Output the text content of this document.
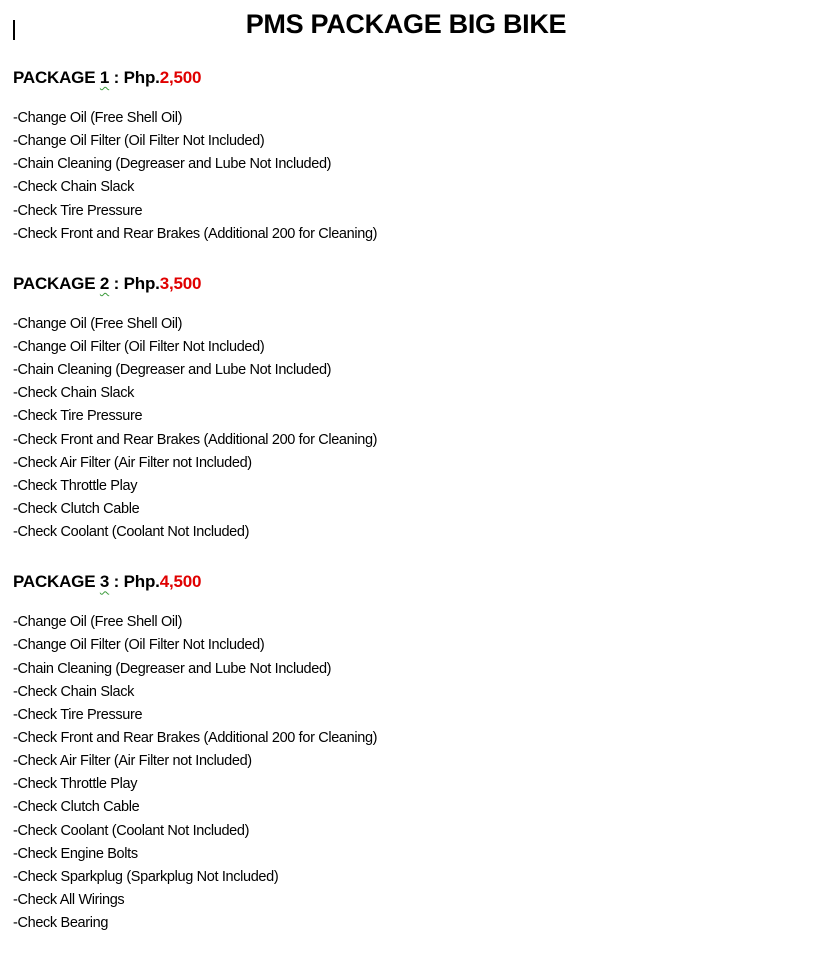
PMS PACKAGE BIG BIKE
PACKAGE 1 : Php.2,500
-Change Oil (Free Shell Oil)
-Change Oil Filter (Oil Filter Not Included)
-Chain Cleaning (Degreaser and Lube Not Included)
-Check Chain Slack
-Check Tire Pressure
-Check Front and Rear Brakes (Additional 200 for Cleaning)
PACKAGE 2 : Php.3,500
-Change Oil (Free Shell Oil)
-Change Oil Filter (Oil Filter Not Included)
-Chain Cleaning (Degreaser and Lube Not Included)
-Check Chain Slack
-Check Tire Pressure
-Check Front and Rear Brakes (Additional 200 for Cleaning)
-Check Air Filter (Air Filter not Included)
-Check Throttle Play
-Check Clutch Cable
-Check Coolant (Coolant Not Included)
PACKAGE 3 : Php.4,500
-Change Oil (Free Shell Oil)
-Change Oil Filter (Oil Filter Not Included)
-Chain Cleaning (Degreaser and Lube Not Included)
-Check Chain Slack
-Check Tire Pressure
-Check Front and Rear Brakes (Additional 200 for Cleaning)
-Check Air Filter (Air Filter not Included)
-Check Throttle Play
-Check Clutch Cable
-Check Coolant (Coolant Not Included)
-Check Engine Bolts
-Check Sparkplug (Sparkplug Not Included)
-Check All Wirings
-Check Bearing
